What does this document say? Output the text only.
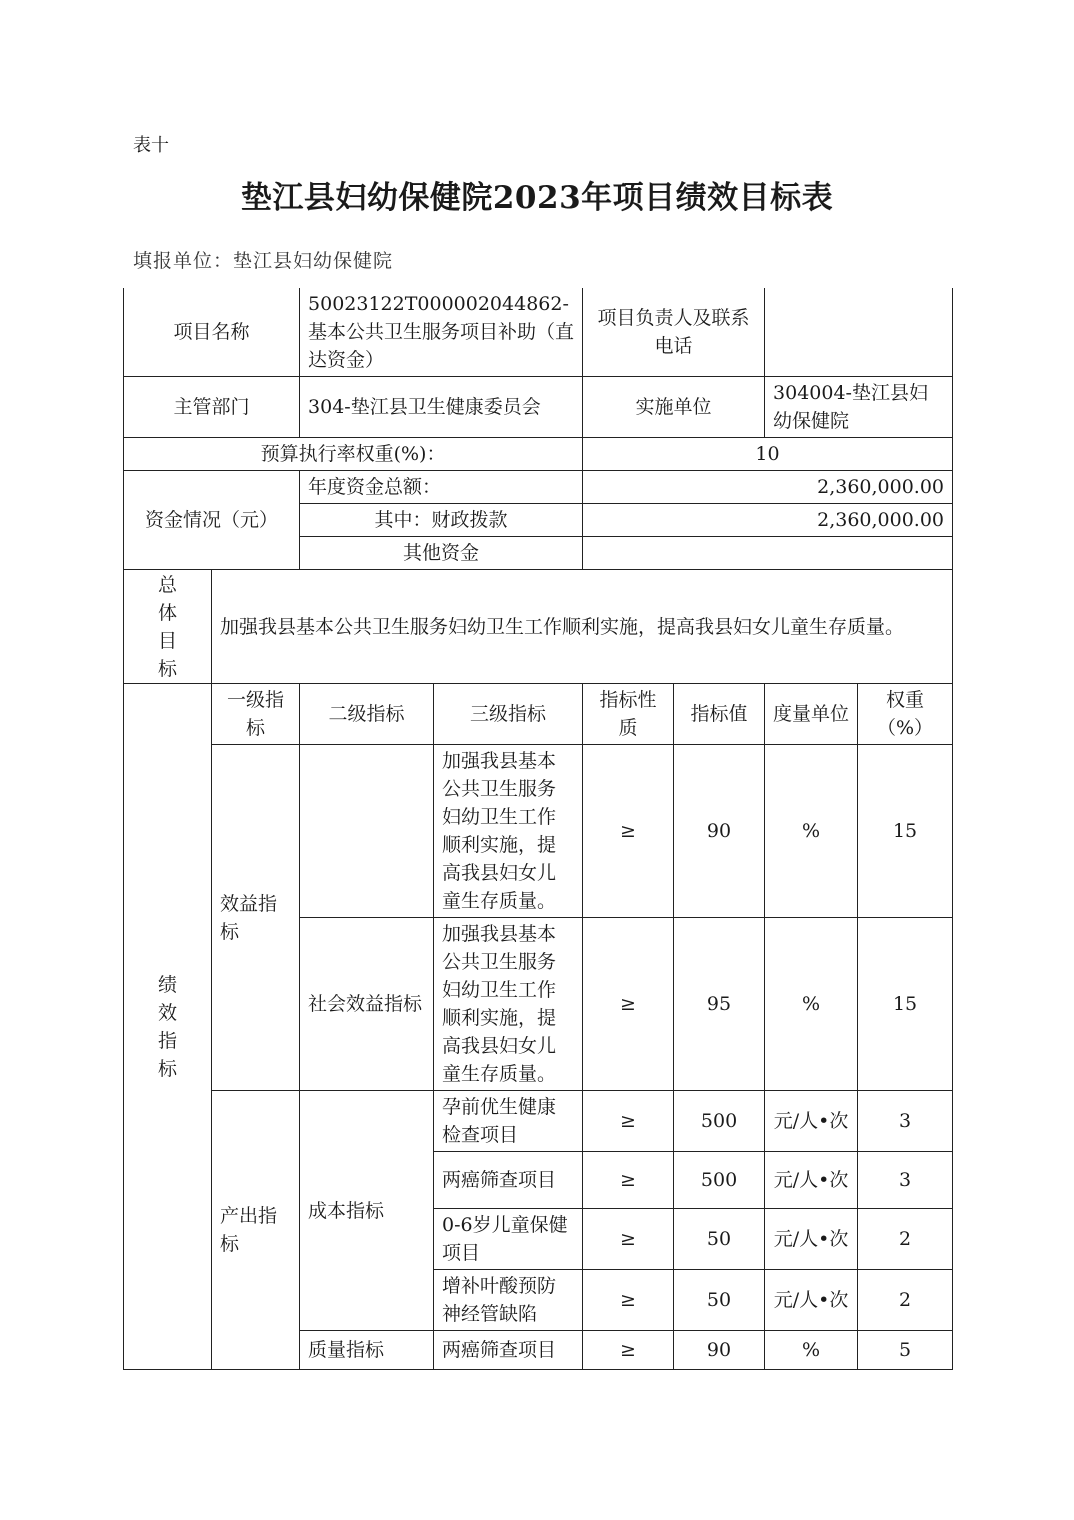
表十
垫江县妇幼保健院2023年项目绩效目标表
填报单位：垫江县妇幼保健院
项目名称		50023122T000002044862-基本公共卫生服务项目补助（直达资金）		项目负责人及联系电话			
主管部门		304-垫江县卫生健康委员会		实施单位		304004-垫江县妇幼保健院	
预算执行率权重(%)：				10			
资金情况（元）		年度资金总额：		2,360,000.00			
		其中：财政拨款		2,360,000.00			
		其他资金					

总
体
目
标	加强我县基本公共卫生服务妇幼卫生工作顺利实施，提高我县妇女儿童生存质量。						

绩
效
指
标	一级指标	二级指标	三级指标	指标性质	指标值	度量单位	权重（%）
	效益指标		加强我县基本公共卫生服务妇幼卫生工作顺利实施，提高我县妇女儿童生存质量。	≥	90	%	15
		社会效益指标	加强我县基本公共卫生服务妇幼卫生工作顺利实施，提高我县妇女儿童生存质量。	≥	95	%	15
	产出指标	成本指标	孕前优生健康检查项目	≥	500	元/人•次	3
			两癌筛查项目	≥	500	元/人•次	3
			0-6岁儿童保健项目	≥	50	元/人•次	2
			增补叶酸预防神经管缺陷	≥	50	元/人•次	2
		质量指标	两癌筛查项目	≥	90	%	5
